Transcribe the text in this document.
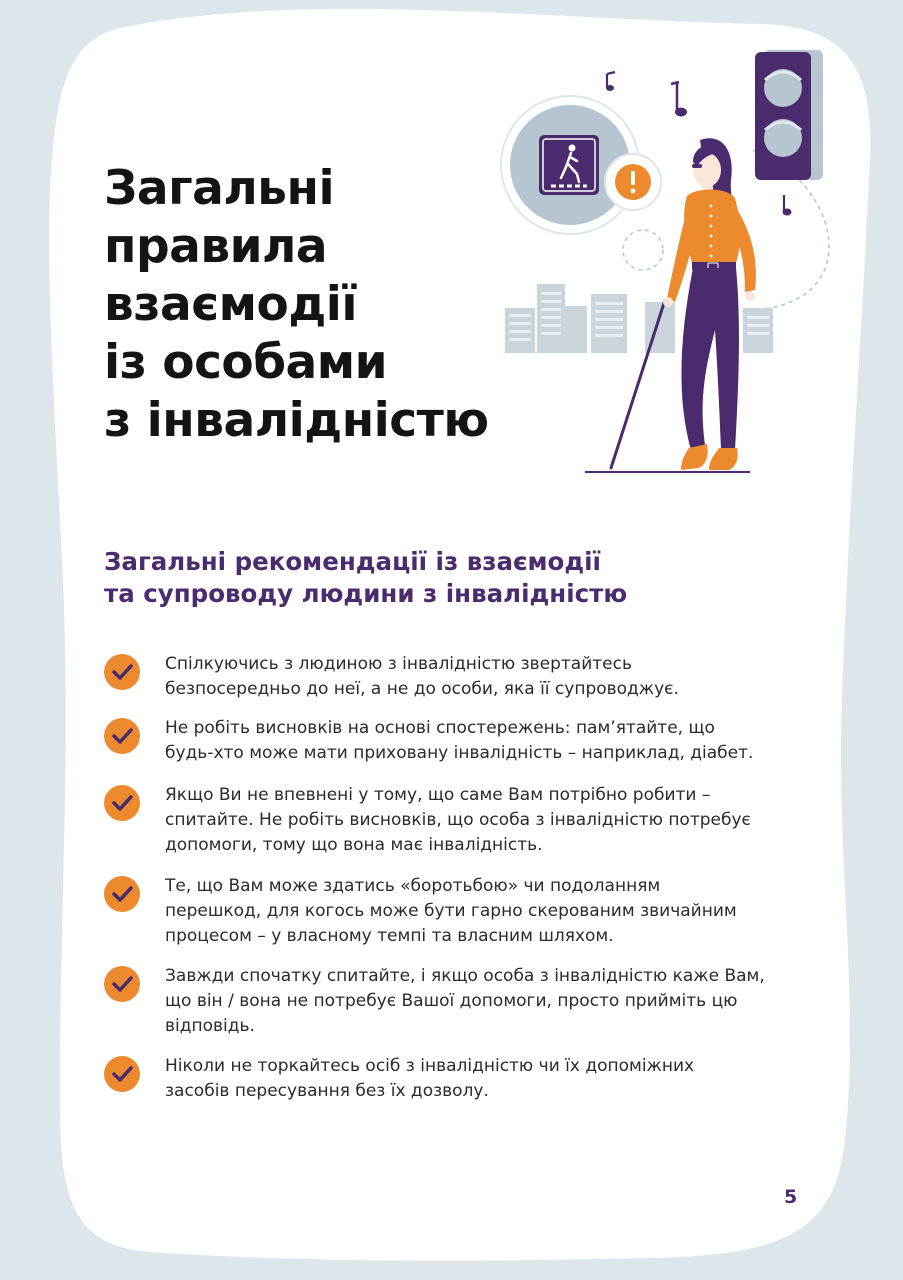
Загальні
правила
взаємодії
із особами
з інвалідністю
Загальні рекомендації із взаємодії
та супроводу людини з інвалідністю

Спілкуючись з людиною з інвалідністю звертайтесь
безпосередньо до неї, а не до особи, яка її супроводжує.

Не робіть висновків на основі спостережень: пам’ятайте, що
будь-хто може мати приховану інвалідність – наприклад, діабет.

Якщо Ви не впевнені у тому, що саме Вам потрібно робити –
спитайте. Не робіть висновків, що особа з інвалідністю потребує
допомоги, тому що вона має інвалідність.

Те, що Вам може здатись «боротьбою» чи подоланням
перешкод, для когось може бути гарно скерованим звичайним
процесом – у власному темпі та власним шляхом.

Завжди спочатку спитайте, і якщо особа з інвалідністю каже Вам,
що він / вона не потребує Вашої допомоги, просто прийміть цю
відповідь.

Ніколи не торкайтесь осіб з інвалідністю чи їх допоміжних
засобів пересування без їх дозволу.

5
